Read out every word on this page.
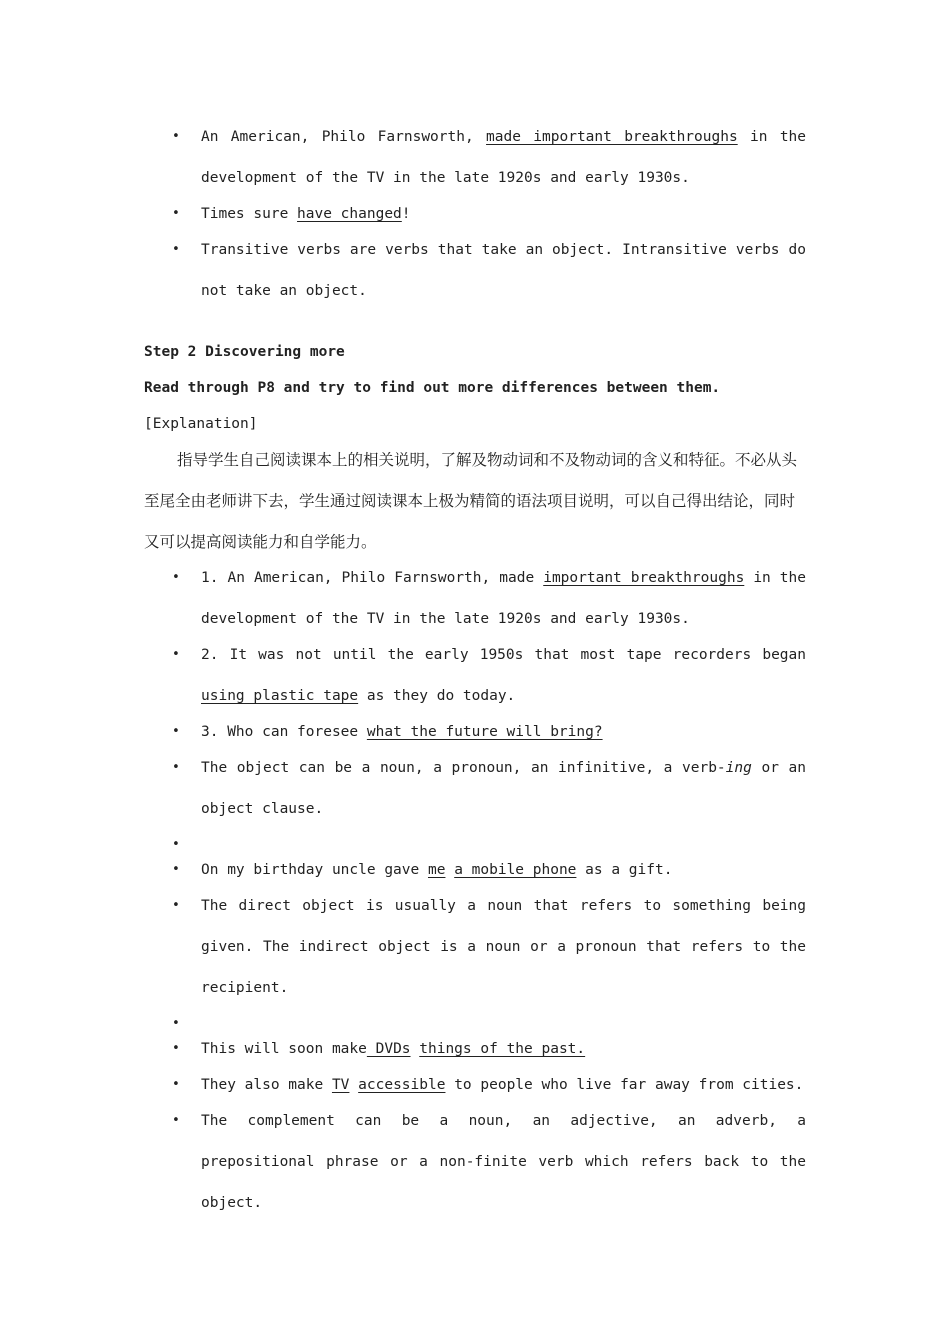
• An American, Philo Farnsworth, made important breakthroughs in the development of the TV in the late 1920s and early 1930s.
• Times sure have changed!
• Transitive verbs are verbs that take an object. Intransitive verbs do not take an object.
Step 2 Discovering more
Read through P8 and try to find out more differences between them.
[Explanation]
指导学生自己阅读课本上的相关说明，了解及物动词和不及物动词的含义和特征。不必从头至尾全由老师讲下去，学生通过阅读课本上极为精简的语法项目说明，可以自己得出结论，同时又可以提高阅读能力和自学能力。
• 1. An American, Philo Farnsworth, made important breakthroughs in the development of the TV in the late 1920s and early 1930s.
• 2. It was not until the early 1950s that most tape recorders began using plastic tape as they do today.
• 3. Who can foresee what the future will bring?
• The object can be a noun, a pronoun, an infinitive, a verb-ing or an object clause.
•
• On my birthday uncle gave me a mobile phone as a gift.
• The direct object is usually a noun that refers to something being given. The indirect object is a noun or a pronoun that refers to the recipient.
•
• This will soon make DVDs things of the past.
• They also make TV accessible to people who live far away from cities.
• The complement can be a noun, an adjective, an adverb, a prepositional phrase or a non-finite verb which refers back to the object.
